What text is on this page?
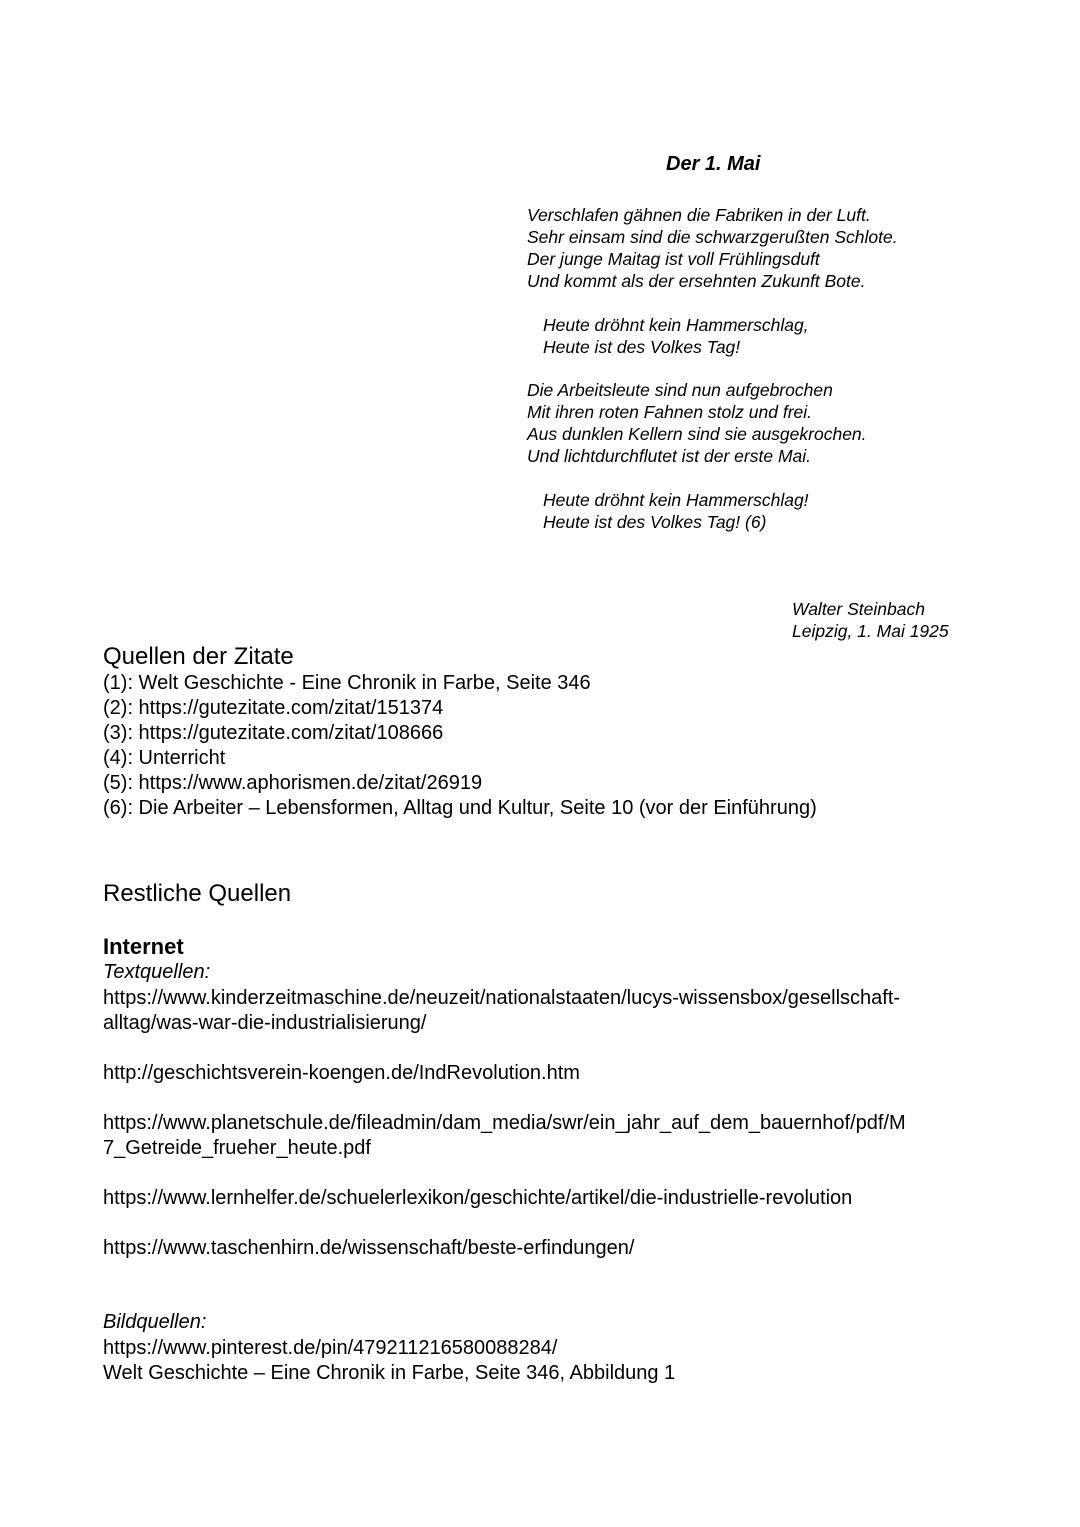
Der 1. Mai
Verschlafen gähnen die Fabriken in der Luft.
Sehr einsam sind die schwarzgerußten Schlote.
Der junge Maitag ist voll Frühlingsduft
Und kommt als der ersehnten Zukunft Bote.
Heute dröhnt kein Hammerschlag,
Heute ist des Volkes Tag!
Die Arbeitsleute sind nun aufgebrochen
Mit ihren roten Fahnen stolz und frei.
Aus dunklen Kellern sind sie ausgekrochen.
Und lichtdurchflutet ist der erste Mai.
Heute dröhnt kein Hammerschlag!
Heute ist des Volkes Tag! (6)
Walter Steinbach
Leipzig, 1. Mai 1925
Quellen der Zitate
(1): Welt Geschichte - Eine Chronik in Farbe, Seite 346
(2): https://gutezitate.com/zitat/151374
(3): https://gutezitate.com/zitat/108666
(4): Unterricht
(5): https://www.aphorismen.de/zitat/26919
(6): Die Arbeiter – Lebensformen, Alltag und Kultur, Seite 10 (vor der Einführung)
Restliche Quellen
Internet
Textquellen:
https://www.kinderzeitmaschine.de/neuzeit/nationalstaaten/lucys-wissensbox/gesellschaft-
alltag/was-war-die-industrialisierung/
http://geschichtsverein-koengen.de/IndRevolution.htm
https://www.planetschule.de/fileadmin/dam_media/swr/ein_jahr_auf_dem_bauernhof/pdf/M
7_Getreide_frueher_heute.pdf
https://www.lernhelfer.de/schuelerlexikon/geschichte/artikel/die-industrielle-revolution
https://www.taschenhirn.de/wissenschaft/beste-erfindungen/
Bildquellen:
https://www.pinterest.de/pin/479211216580088284/
Welt Geschichte – Eine Chronik in Farbe, Seite 346, Abbildung 1
